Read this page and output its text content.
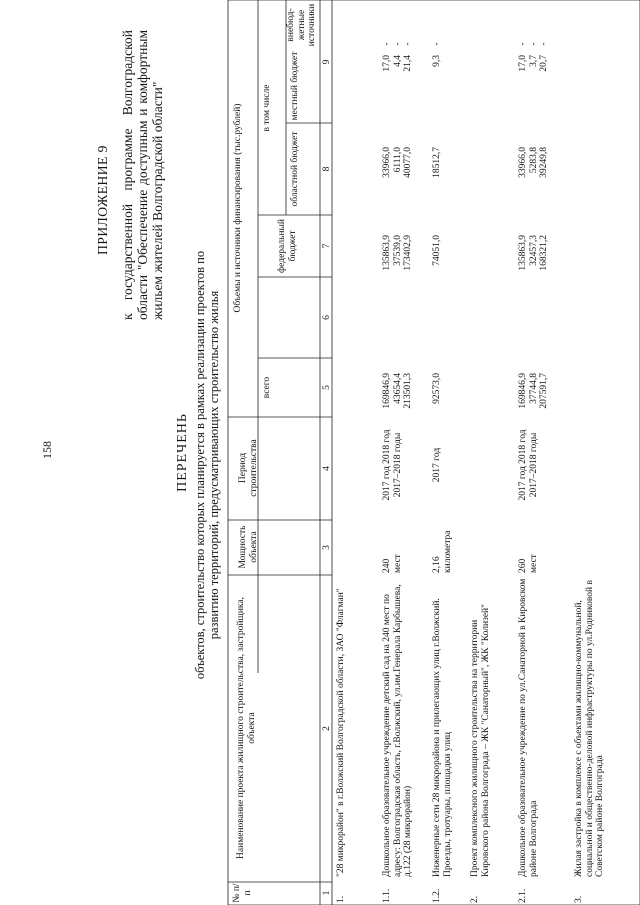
158
ПРИЛОЖЕНИЕ 9 к государственной программе Волгоградской области "Обеспечение доступным и комфортным жильем жителей Волгоградской области"
ПЕРЕЧЕНЬ объектов, строительство которых планируется в рамках реализации проектов по развитию территорий, предусматривающих строительство жилья
№ п/п
Наименование проекта жилищного строительства, застройщика, объекта
Мощность объекта
Период строительства
Объемы и источники финансирования (тыс.рублей)
всего
в том числе
федеральный бюджет
областной бюджет
местный бюджет
внебюд-жетные источники
1
2
3
4
5
6
7
8
9
1.
"28 микрорайон" в г.Волжский Волгоградской области, ЗАО "Флагман"
1.1.
Дошкольное образовательное учреждение детский сад на 240 мест по адресу: Волгоградская область, г.Волжский, ул.им.Генерала Карбышева, д.122 (28 микрорайон)
240 мест
2017 год 2018 год 2017–2018 годы
169846,9 43654,4 213501,3
135863,9 37539,0 173402,9
33966,0 6111,0 40077,0
17,0 4,4 21,4
- - -
1.2.
Инженерные сети 28 микрорайона и прилегающих улиц г.Волжский. Проезды, тротуары, площадки улиц
2,16 километра
2017 год
92573,0
74051,0
18512,7
9,3
-
2.
Проект комплексного жилищного строительства на территории Кировского района Волгограда – ЖК "Санаторный", ЖК "Колизей"
2.1.
Дошкольное образовательное учреждение по ул.Санаторной в Кировском районе Волгограда
260 мест
2017 год 2018 год 2017–2018 годы
169846,9 37744,8 207591,7
135863,9 32457,3 168321,2
33966,0 5283,8 39249,8
17,0 3,7 20,7
- - -
3.
Жилая застройка в комплексе с объектами жилищно-коммунальной, социальной и общественно-деловой инфраструктуры по ул.Родниковой в Советском районе Волгограда
